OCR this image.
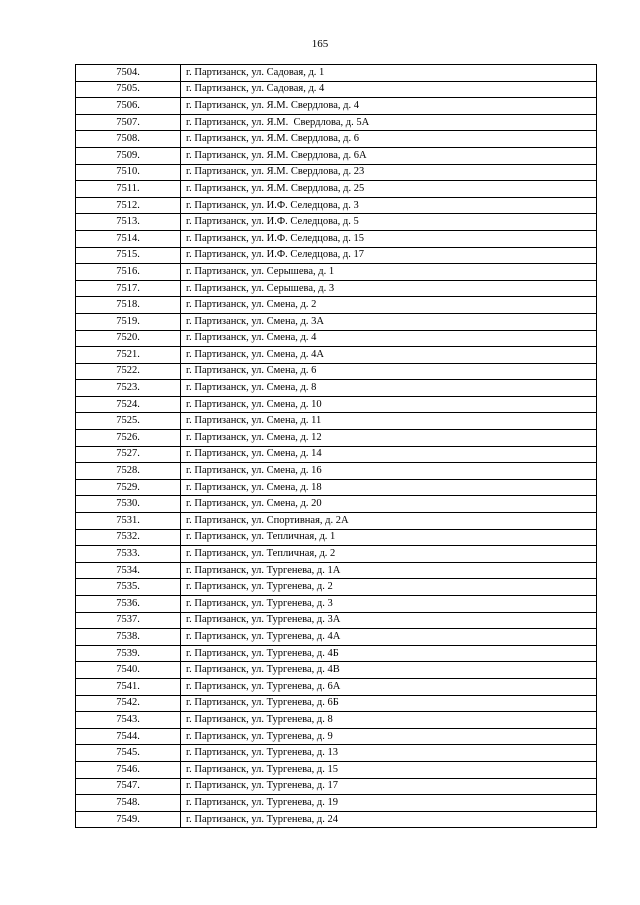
165
7504.	г. Партизанск, ул. Садовая, д. 1
7505.	г. Партизанск, ул. Садовая, д. 4
7506.	г. Партизанск, ул. Я.М. Свердлова, д. 4
7507.	г. Партизанск, ул. Я.М.  Свердлова, д. 5А
7508.	г. Партизанск, ул. Я.М. Свердлова, д. 6
7509.	г. Партизанск, ул. Я.М. Свердлова, д. 6А
7510.	г. Партизанск, ул. Я.М. Свердлова, д. 23
7511.	г. Партизанск, ул. Я.М. Свердлова, д. 25
7512.	г. Партизанск, ул. И.Ф. Селедцова, д. 3
7513.	г. Партизанск, ул. И.Ф. Селедцова, д. 5
7514.	г. Партизанск, ул. И.Ф. Селедцова, д. 15
7515.	г. Партизанск, ул. И.Ф. Селедцова, д. 17
7516.	г. Партизанск, ул. Серышева, д. 1
7517.	г. Партизанск, ул. Серышева, д. 3
7518.	г. Партизанск, ул. Смена, д. 2
7519.	г. Партизанск, ул. Смена, д. 3А
7520.	г. Партизанск, ул. Смена, д. 4
7521.	г. Партизанск, ул. Смена, д. 4А
7522.	г. Партизанск, ул. Смена, д. 6
7523.	г. Партизанск, ул. Смена, д. 8
7524.	г. Партизанск, ул. Смена, д. 10
7525.	г. Партизанск, ул. Смена, д. 11
7526.	г. Партизанск, ул. Смена, д. 12
7527.	г. Партизанск, ул. Смена, д. 14
7528.	г. Партизанск, ул. Смена, д. 16
7529.	г. Партизанск, ул. Смена, д. 18
7530.	г. Партизанск, ул. Смена, д. 20
7531.	г. Партизанск, ул. Спортивная, д. 2А
7532.	г. Партизанск, ул. Тепличная, д. 1
7533.	г. Партизанск, ул. Тепличная, д. 2
7534.	г. Партизанск, ул. Тургенева, д. 1А
7535.	г. Партизанск, ул. Тургенева, д. 2
7536.	г. Партизанск, ул. Тургенева, д. 3
7537.	г. Партизанск, ул. Тургенева, д. 3А
7538.	г. Партизанск, ул. Тургенева, д. 4А
7539.	г. Партизанск, ул. Тургенева, д. 4Б
7540.	г. Партизанск, ул. Тургенева, д. 4В
7541.	г. Партизанск, ул. Тургенева, д. 6А
7542.	г. Партизанск, ул. Тургенева, д. 6Б
7543.	г. Партизанск, ул. Тургенева, д. 8
7544.	г. Партизанск, ул. Тургенева, д. 9
7545.	г. Партизанск, ул. Тургенева, д. 13
7546.	г. Партизанск, ул. Тургенева, д. 15
7547.	г. Партизанск, ул. Тургенева, д. 17
7548.	г. Партизанск, ул. Тургенева, д. 19
7549.	г. Партизанск, ул. Тургенева, д. 24
